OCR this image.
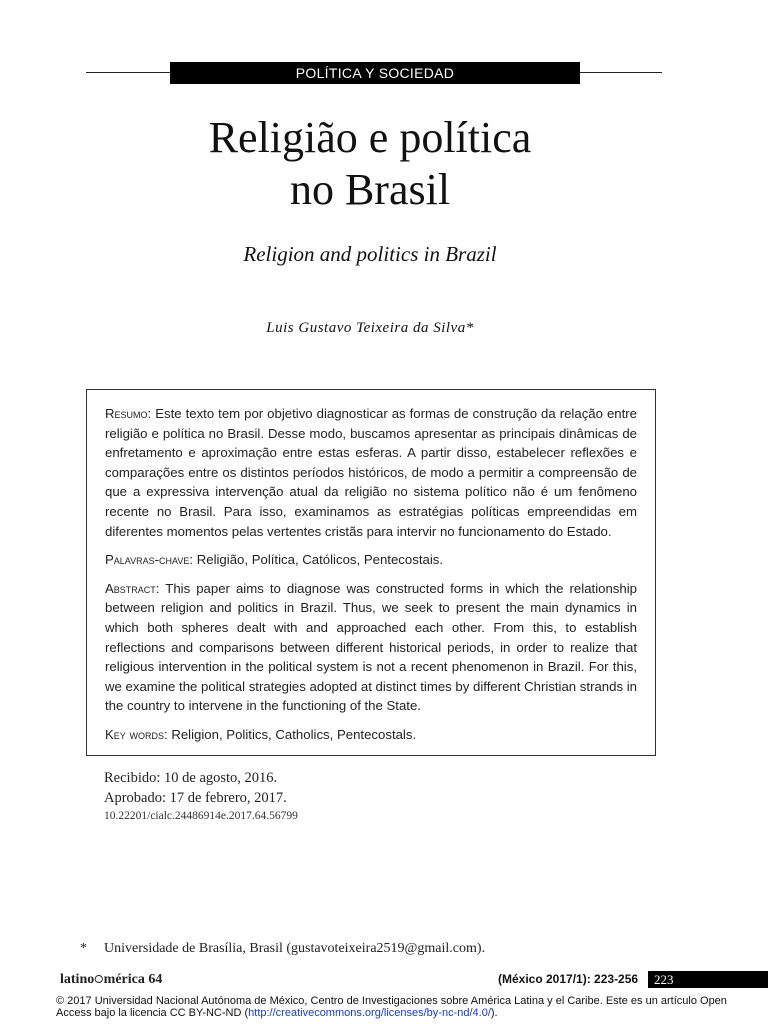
POLÍTICA Y SOCIEDAD
Religião e política
no Brasil
Religion and politics in Brazil
Luis Gustavo Teixeira da Silva*

Resumo: Este texto tem por objetivo diagnosticar as formas de construção da relação entre religião e política no Brasil. Desse modo, buscamos apresentar as principais dinâmicas de enfretamento e aproximação entre estas esferas. A partir disso, estabelecer reflexões e comparações entre os distintos períodos históricos, de modo a permitir a compreensão de que a expressiva intervenção atual da religião no sistema político não é um fenômeno recente no Brasil. Para isso, examinamos as estratégias políticas empreendidas em diferentes momentos pelas vertentes cristãs para intervir no funcionamento do Estado.

Palavras-chave: Religião, Política, Católicos, Pentecostais.

Abstract: This paper aims to diagnose was constructed forms in which the relationship between religion and politics in Brazil. Thus, we seek to present the main dynamics in which both spheres dealt with and approached each other. From this, to establish reflections and comparisons between different historical periods, in order to realize that religious intervention in the political system is not a recent phenomenon in Brazil. For this, we examine the political strategies adopted at distinct times by different Christian strands in the country to intervene in the functioning of the State.

Key words: Religion, Politics, Catholics, Pentecostals.

Recibido: 10 de agosto, 2016.
Aprobado: 17 de febrero, 2017.
10.22201/cialc.24486914e.2017.64.56799
* Universidade de Brasília, Brasil (gustavoteixeira2519@gmail.com).
latino੦mérica 64	(México 2017/1): 223-256	223
© 2017 Universidad Nacional Autónoma de México, Centro de Investigaciones sobre América Latina y el Caribe. Este es un artículo Open Access bajo la licencia CC BY-NC-ND (http://creativecommons.org/licenses/by-nc-nd/4.0/).
